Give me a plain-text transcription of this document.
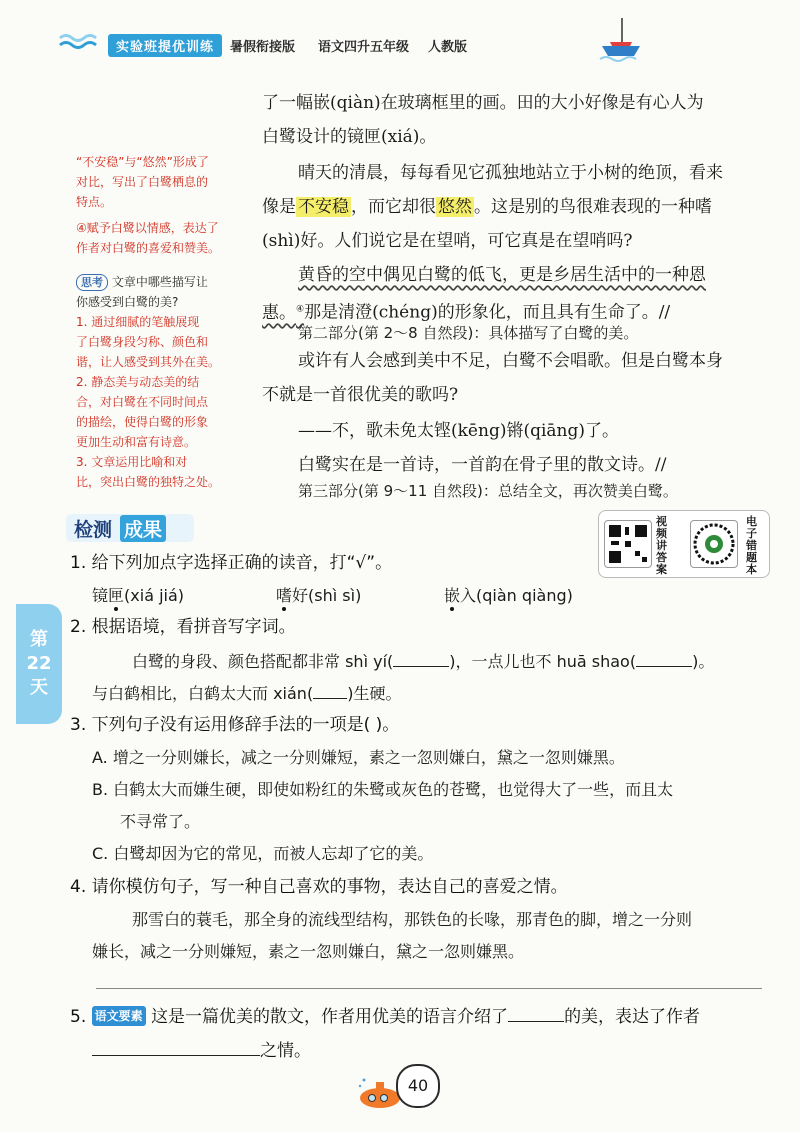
实验班提优训练	暑假衔接版 语文四升五年级 人教版
“不安稳”与“悠然”形成了
对比，写出了白鹭栖息的
特点。
④赋予白鹭以情感，表达了
作者对白鹭的喜爱和赞美。
思考 文章中哪些描写让
你感受到白鹭的美?
1. 通过细腻的笔触展现
了白鹭身段匀称、颜色和
谐，让人感受到其外在美。
2. 静态美与动态美的结
合，对白鹭在不同时间点
的描绘，使得白鹭的形象
更加生动和富有诗意。
3. 文章运用比喻和对
比，突出白鹭的独特之处。
了一幅嵌(qiàn)在玻璃框里的画。田的大小好像是有心人为
白鹭设计的镜匣(xiá)。
晴天的清晨，每每看见它孤独地站立于小树的绝顶，看来
像是 不安稳 ，而它却很 悠然 。这是别的鸟很难表现的一种嗜
(shì)好。人们说它是在望哨，可它真是在望哨吗?
黄昏的空中偶见白鹭的低飞，更是乡居生活中的一种恩
惠。④那是清澄(chéng)的形象化，而且具有生命了。//
第二部分(第 2～8 自然段)：具体描写了白鹭的美。
或许有人会感到美中不足，白鹭不会唱歌。但是白鹭本身
不就是一首很优美的歌吗?
——不，歌未免太铿(kēng)锵(qiāng)了。
白鹭实在是一首诗，一首韵在骨子里的散文诗。//
第三部分(第 9～11 自然段)：总结全文，再次赞美白鹭。
检测 成果	视频讲答案
电子错题本
第22天
1. 给下列加点字选择正确的读音，打“√”。
镜匣(xiá jiá)	嗜好(shì sì)	嵌入(qiàn qiàng)
2. 根据语境，看拼音写字词。
白鹭的身段、颜色搭配都非常 shì yí(	)，一点儿也不 huā shao(	)。
与白鹤相比，白鹤太大而 xián( )生硬。
3. 下列句子没有运用修辞手法的一项是( )。
A. 增之一分则嫌长，减之一分则嫌短，素之一忽则嫌白，黛之一忽则嫌黑。
B. 白鹤太大而嫌生硬，即使如粉红的朱鹭或灰色的苍鹭，也觉得大了一些，而且太
不寻常了。
C. 白鹭却因为它的常见，而被人忘却了它的美。
4. 请你模仿句子，写一种自己喜欢的事物，表达自己的喜爱之情。
那雪白的蓑毛，那全身的流线型结构，那铁色的长喙，那青色的脚，增之一分则
嫌长，减之一分则嫌短，素之一忽则嫌白，黛之一忽则嫌黑。
5. 语文要素 这是一篇优美的散文，作者用优美的语言介绍了	的美，表达了作者
之情。
40
